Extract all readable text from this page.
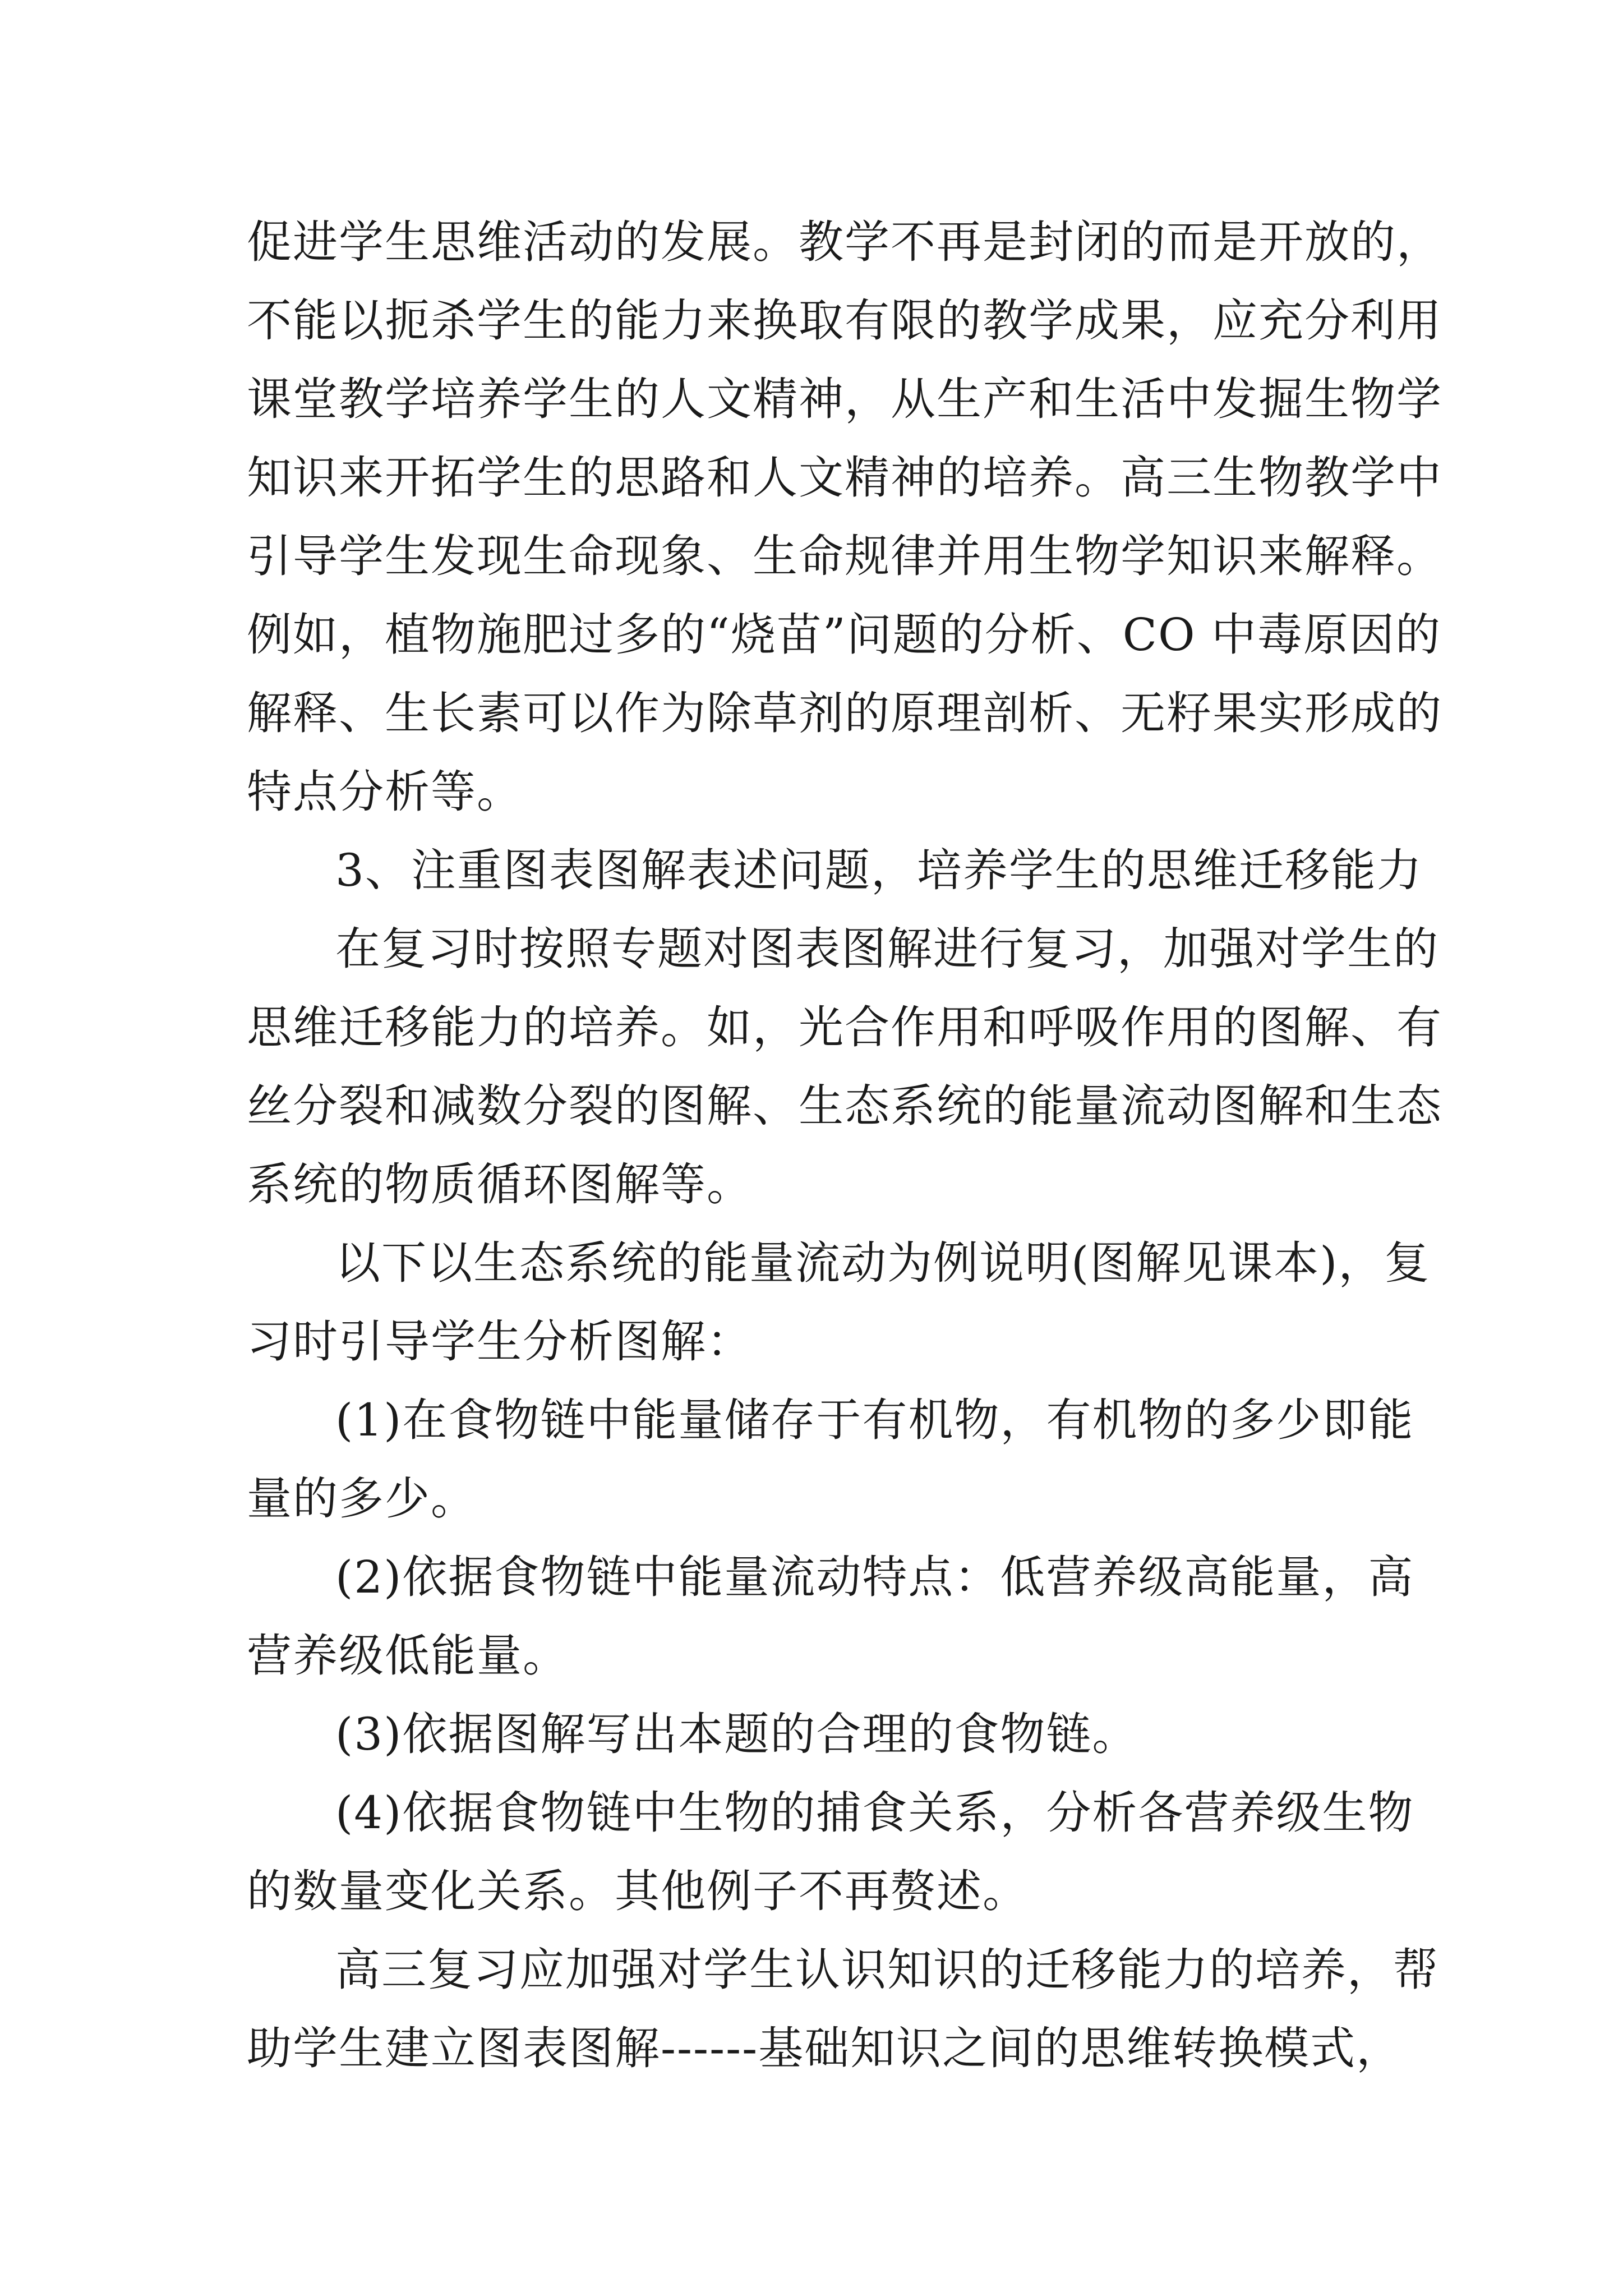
促进学生思维活动的发展。教学不再是封闭的而是开放的，
不能以扼杀学生的能力来换取有限的教学成果，应充分利用
课堂教学培养学生的人文精神，从生产和生活中发掘生物学
知识来开拓学生的思路和人文精神的培养。高三生物教学中
引导学生发现生命现象、生命规律并用生物学知识来解释。
例如，植物施肥过多的“烧苗”问题的分析、CO 中毒原因的
解释、生长素可以作为除草剂的原理剖析、无籽果实形成的
特点分析等。
3、注重图表图解表述问题，培养学生的思维迁移能力
在复习时按照专题对图表图解进行复习，加强对学生的
思维迁移能力的培养。如，光合作用和呼吸作用的图解、有
丝分裂和减数分裂的图解、生态系统的能量流动图解和生态
系统的物质循环图解等。
以下以生态系统的能量流动为例说明(图解见课本)，复
习时引导学生分析图解：
(1)在食物链中能量储存于有机物，有机物的多少即能
量的多少。
(2)依据食物链中能量流动特点：低营养级高能量，高
营养级低能量。
(3)依据图解写出本题的合理的食物链。
(4)依据食物链中生物的捕食关系，分析各营养级生物
的数量变化关系。其他例子不再赘述。
高三复习应加强对学生认识知识的迁移能力的培养，帮
助学生建立图表图解------基础知识之间的思维转换模式，
